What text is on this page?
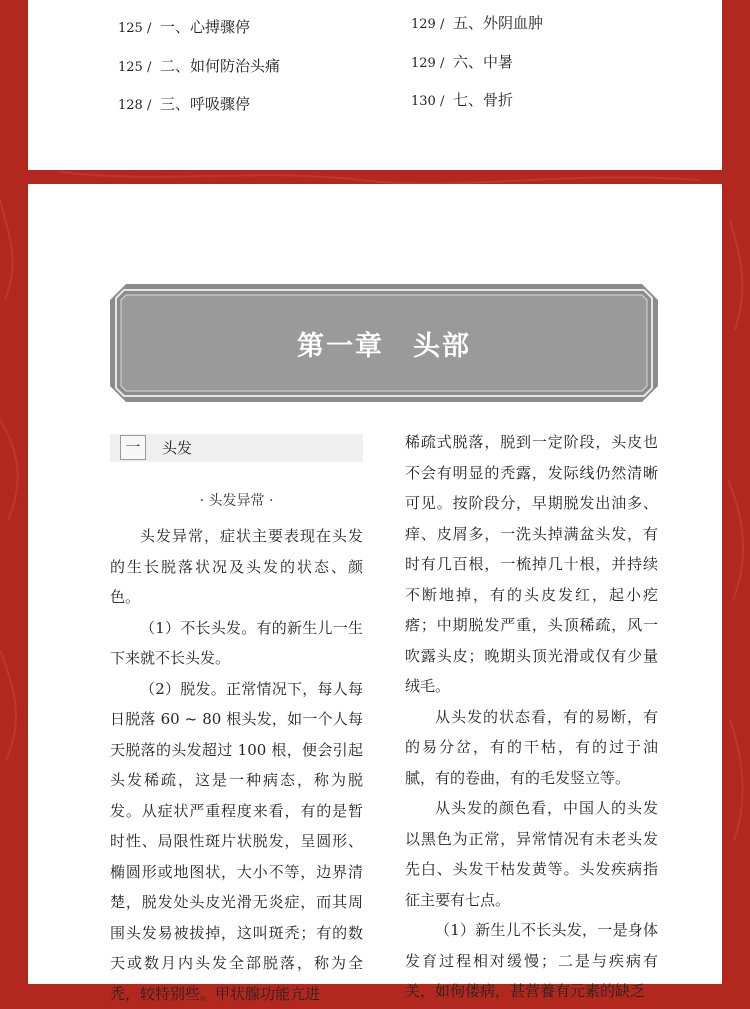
125 / 一、心搏骤停
125 / 二、如何防治头痛
128 / 三、呼吸骤停
129 / 五、外阴血肿
129 / 六、中暑
130 / 七、骨折
第一章　头部
一	头发
· 头发异常 ·

头发异常，症状主要表现在头发的生长脱落状况及头发的状态、颜色。

（1）不长头发。有的新生儿一生下来就不长头发。

（2）脱发。正常情况下，每人每日脱落 60 ~ 80 根头发，如一个人每天脱落的头发超过 100 根，便会引起头发稀疏，这是一种病态，称为脱发。从症状严重程度来看，有的是暂时性、局限性斑片状脱发，呈圆形、椭圆形或地图状，大小不等，边界清楚，脱发处头皮光滑无炎症，而其周围头发易被拔掉，这叫斑秃；有的数天或数月内头发全部脱落，称为全秃，较特别些。甲状腺功能亢进

稀疏式脱落，脱到一定阶段，头皮也不会有明显的秃露，发际线仍然清晰可见。按阶段分，早期脱发出油多、痒、皮屑多，一洗头掉满盆头发，有时有几百根，一梳掉几十根，并持续不断地掉，有的头皮发红，起小疙瘩；中期脱发严重，头顶稀疏，风一吹露头皮；晚期头顶光滑或仅有少量绒毛。

从头发的状态看，有的易断，有的易分岔，有的干枯，有的过于油腻，有的卷曲，有的毛发竖立等。

从头发的颜色看，中国人的头发以黑色为正常，异常情况有未老头发先白、头发干枯发黄等。头发疾病指征主要有七点。

（1）新生儿不长头发，一是身体发育过程相对缓慢；二是与疾病有关，如佝偻病，甚营養有元素的缺乏
